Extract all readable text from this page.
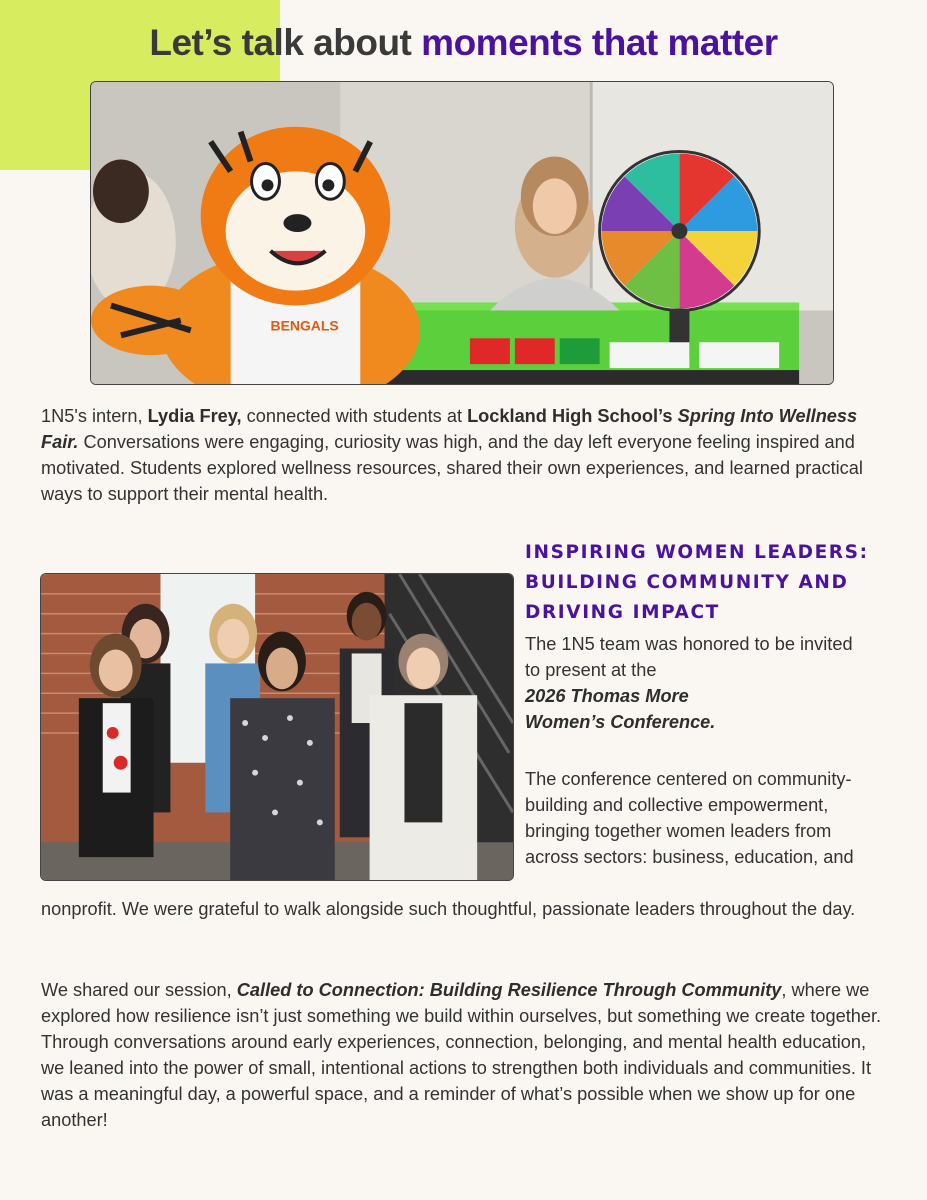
Let’s talk about moments that matter
BENGALS

1N5's intern, Lydia Frey, connected with students at Lockland High School’s Spring Into Wellness Fair. Conversations were engaging, curiosity was high, and the day left everyone feeling inspired and motivated. Students explored wellness resources, shared their own experiences, and learned practical ways to support their mental health.

INSPIRING WOMEN LEADERS: BUILDING COMMUNITY AND DRIVING IMPACT

The 1N5 team was honored to be invited to present at the
2026 Thomas More
Women’s Conference.

The conference centered on community-building and collective empowerment, bringing together women leaders from across sectors: business, education, and

nonprofit. We were grateful to walk alongside such thoughtful, passionate leaders throughout the day.

We shared our session, Called to Connection: Building Resilience Through Community, where we explored how resilience isn’t just something we build within ourselves, but something we create together. Through conversations around early experiences, connection, belonging, and mental health education, we leaned into the power of small, intentional actions to strengthen both individuals and communities. It was a meaningful day, a powerful space, and a reminder of what’s possible when we show up for one another!
